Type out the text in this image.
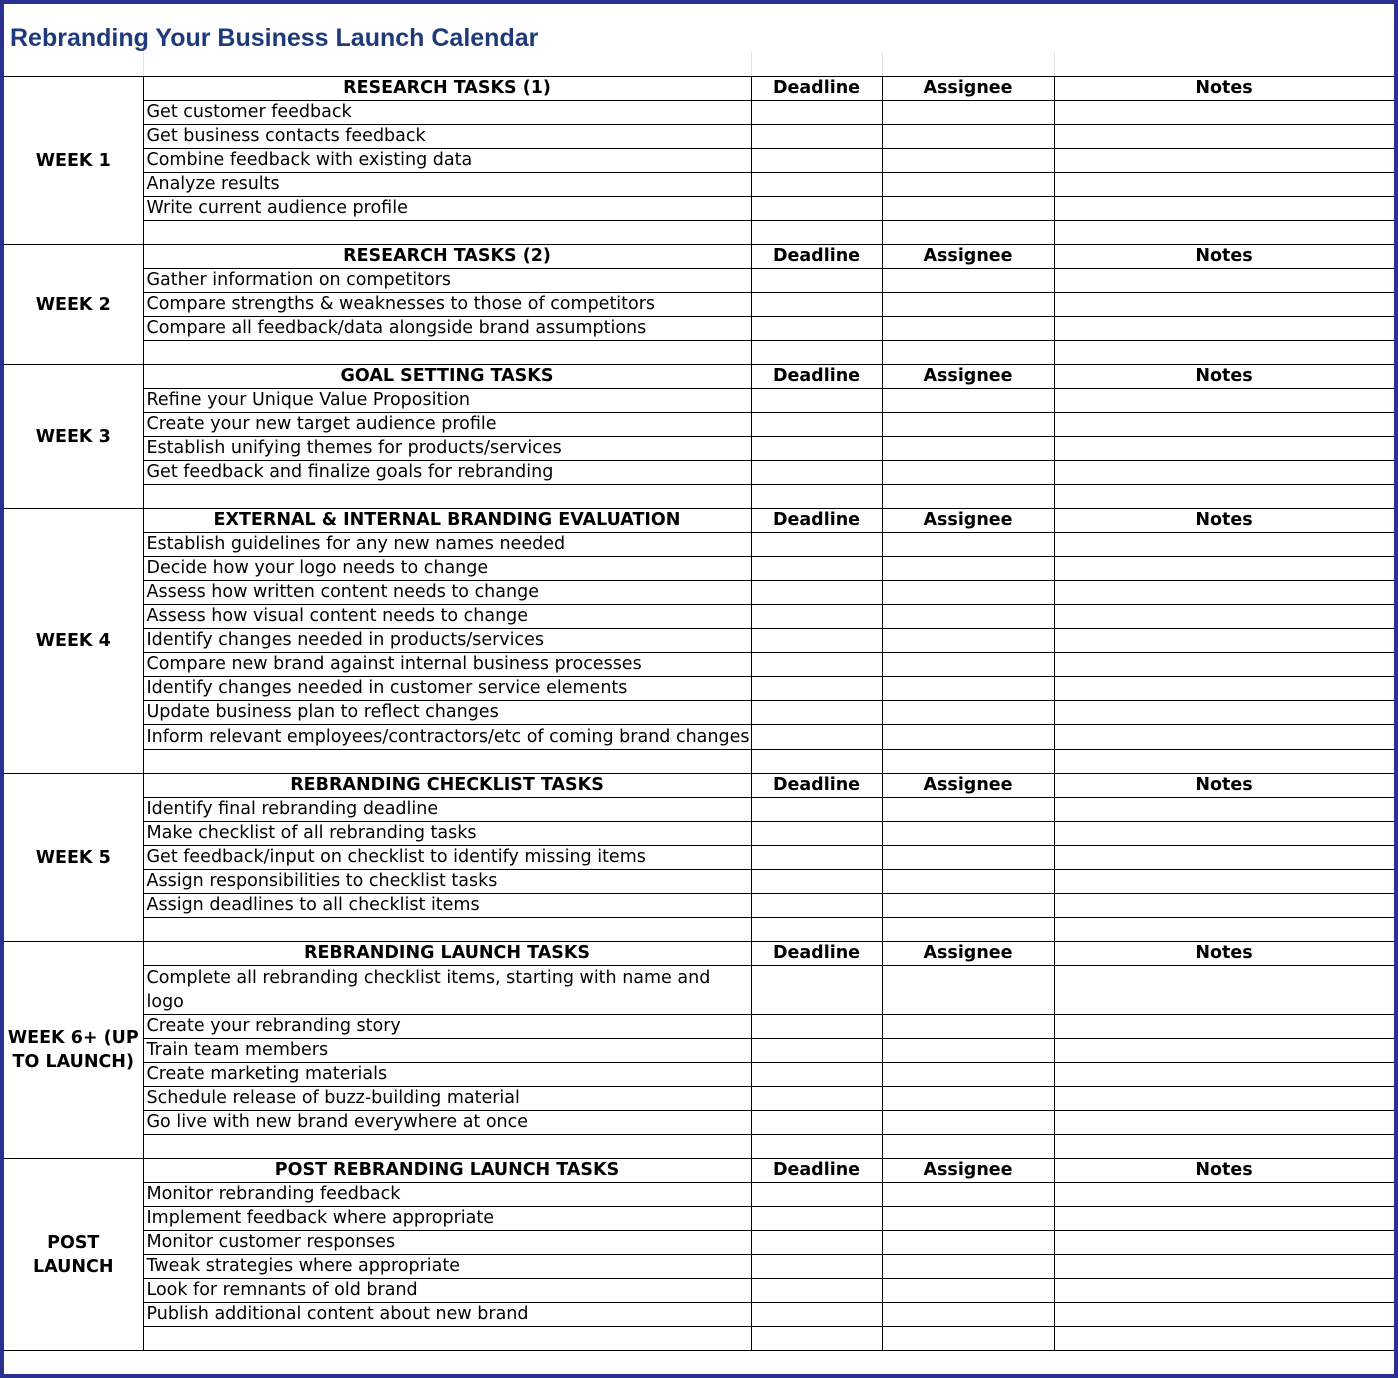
Rebranding Your Business Launch Calendar
WEEK 1	RESEARCH TASKS (1)	Deadline	Assignee	Notes
	Get customer feedback			
	Get business contacts feedback			
	Combine feedback with existing data			
	Analyze results			
	Write current audience profile			

WEEK 2	RESEARCH TASKS (2)	Deadline	Assignee	Notes
	Gather information on competitors			
	Compare strengths & weaknesses to those of competitors			
	Compare all feedback/data alongside brand assumptions			

WEEK 3	GOAL SETTING TASKS	Deadline	Assignee	Notes
	Refine your Unique Value Proposition			
	Create your new target audience profile			
	Establish unifying themes for products/services			
	Get feedback and finalize goals for rebranding			

WEEK 4	EXTERNAL & INTERNAL BRANDING EVALUATION	Deadline	Assignee	Notes
	Establish guidelines for any new names needed			
	Decide how your logo needs to change			
	Assess how written content needs to change			
	Assess how visual content needs to change			
	Identify changes needed in products/services			
	Compare new brand against internal business processes			
	Identify changes needed in customer service elements			
	Update business plan to reflect changes			
	Inform relevant employees/contractors/etc of coming brand changes			

WEEK 5	REBRANDING CHECKLIST TASKS	Deadline	Assignee	Notes
	Identify final rebranding deadline			
	Make checklist of all rebranding tasks			
	Get feedback/input on checklist to identify missing items			
	Assign responsibilities to checklist tasks			
	Assign deadlines to all checklist items			

WEEK 6+ (UP TO LAUNCH)	REBRANDING LAUNCH TASKS	Deadline	Assignee	Notes
	Complete all rebranding checklist items, starting with name and logo			
	Create your rebranding story			
	Train team members			
	Create marketing materials			
	Schedule release of buzz-building material			
	Go live with new brand everywhere at once			

POST LAUNCH	POST REBRANDING LAUNCH TASKS	Deadline	Assignee	Notes
	Monitor rebranding feedback			
	Implement feedback where appropriate			
	Monitor customer responses			
	Tweak strategies where appropriate			
	Look for remnants of old brand			
	Publish additional content about new brand			
